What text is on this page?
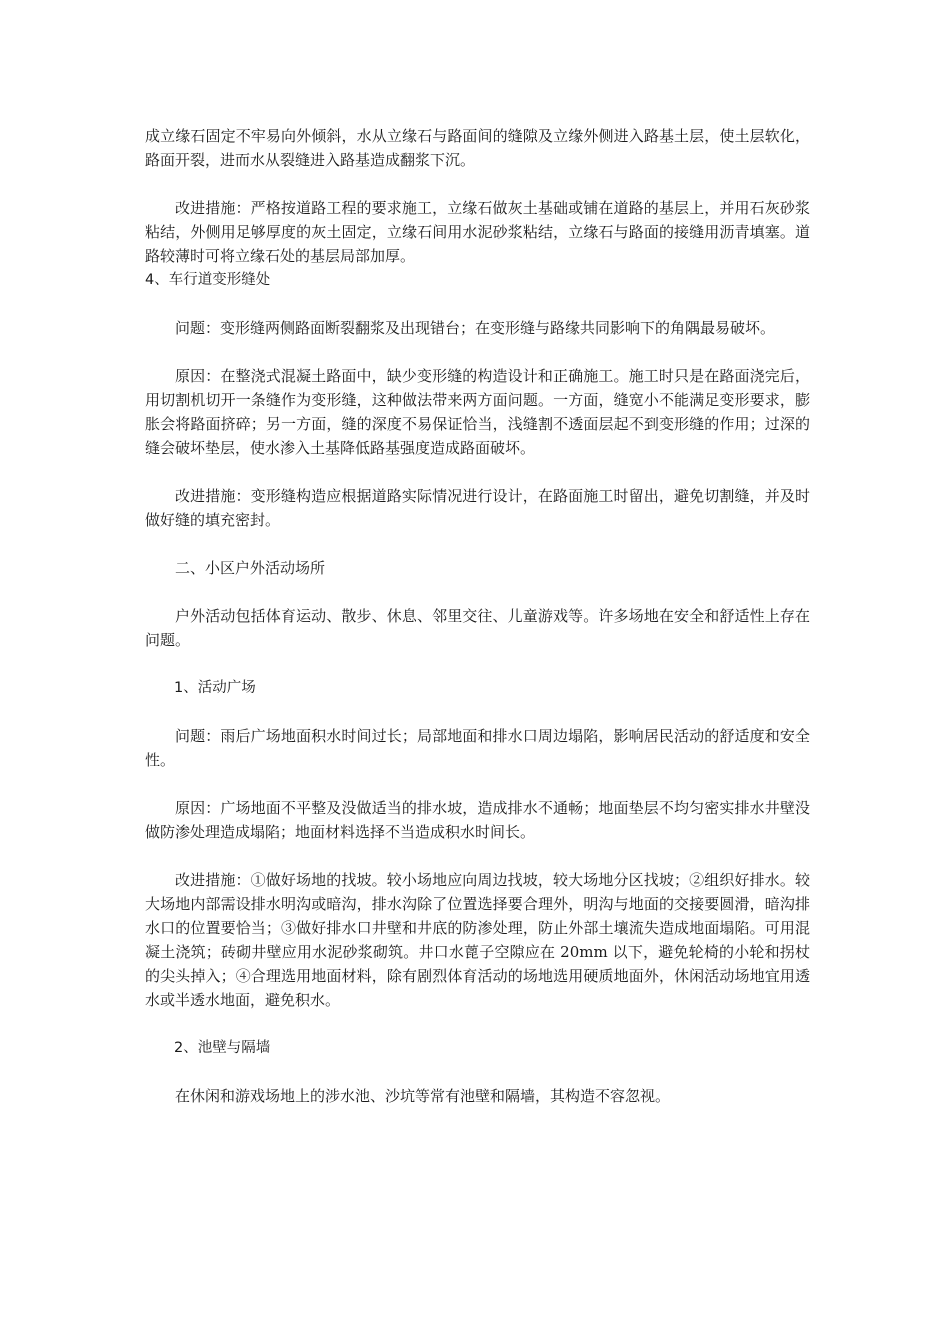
成立缘石固定不牢易向外倾斜，水从立缘石与路面间的缝隙及立缘外侧进入路基土层，使土层软化，路面开裂，进而水从裂缝进入路基造成翻浆下沉。

改进措施：严格按道路工程的要求施工，立缘石做灰土基础或铺在道路的基层上，并用石灰砂浆粘结，外侧用足够厚度的灰土固定，立缘石间用水泥砂浆粘结，立缘石与路面的接缝用沥青填塞。道路较薄时可将立缘石处的基层局部加厚。

4、车行道变形缝处

问题：变形缝两侧路面断裂翻浆及出现错台；在变形缝与路缘共同影响下的角隅最易破坏。

原因：在整浇式混凝土路面中，缺少变形缝的构造设计和正确施工。施工时只是在路面浇完后，用切割机切开一条缝作为变形缝，这种做法带来两方面问题。一方面，缝宽小不能满足变形要求，膨胀会将路面挤碎；另一方面，缝的深度不易保证恰当，浅缝割不透面层起不到变形缝的作用；过深的缝会破坏垫层，使水渗入土基降低路基强度造成路面破坏。

改进措施：变形缝构造应根据道路实际情况进行设计，在路面施工时留出，避免切割缝，并及时做好缝的填充密封。

二、小区户外活动场所

户外活动包括体育运动、散步、休息、邻里交往、儿童游戏等。许多场地在安全和舒适性上存在问题。

1、活动广场

问题：雨后广场地面积水时间过长；局部地面和排水口周边塌陷，影响居民活动的舒适度和安全性。

原因：广场地面不平整及没做适当的排水坡，造成排水不通畅；地面垫层不均匀密实排水井壁没做防渗处理造成塌陷；地面材料选择不当造成积水时间长。

改进措施：①做好场地的找坡。较小场地应向周边找坡，较大场地分区找坡；②组织好排水。较大场地内部需设排水明沟或暗沟，排水沟除了位置选择要合理外，明沟与地面的交接要圆滑，暗沟排水口的位置要恰当；③做好排水口井壁和井底的防渗处理，防止外部土壤流失造成地面塌陷。可用混凝土浇筑；砖砌井壁应用水泥砂浆砌筑。井口水蓖子空隙应在 20mm 以下，避免轮椅的小轮和拐杖的尖头掉入；④合理选用地面材料，除有剧烈体育活动的场地选用硬质地面外，休闲活动场地宜用透水或半透水地面，避免积水。

2、池壁与隔墙

在休闲和游戏场地上的涉水池、沙坑等常有池壁和隔墙，其构造不容忽视。
